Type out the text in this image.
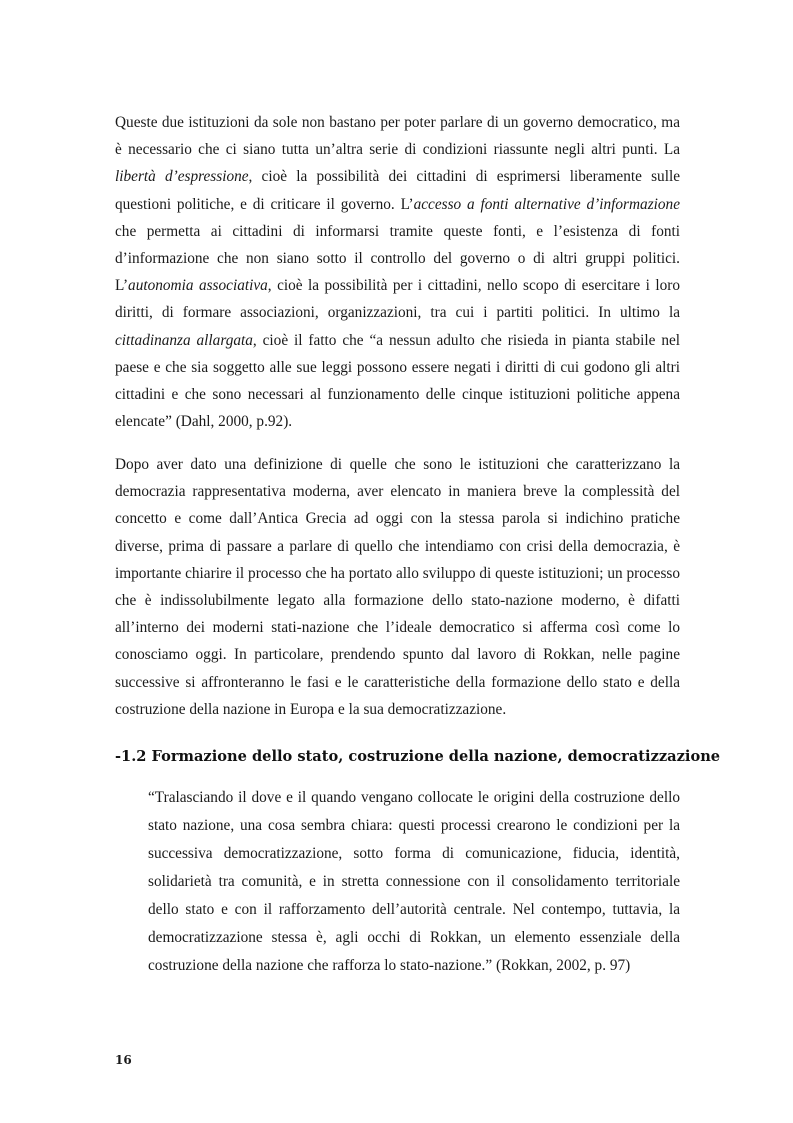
Queste due istituzioni da sole non bastano per poter parlare di un governo democratico, ma è necessario che ci siano tutta un’altra serie di condizioni riassunte negli altri punti. La libertà d’espressione, cioè la possibilità dei cittadini di esprimersi liberamente sulle questioni politiche, e di criticare il governo. L’accesso a fonti alternative d’informazione che permetta ai cittadini di informarsi tramite queste fonti, e l’esistenza di fonti d’informazione che non siano sotto il controllo del governo o di altri gruppi politici. L’autonomia associativa, cioè la possibilità per i cittadini, nello scopo di esercitare i loro diritti, di formare associazioni, organizzazioni, tra cui i partiti politici. In ultimo la cittadinanza allargata, cioè il fatto che “a nessun adulto che risieda in pianta stabile nel paese e che sia soggetto alle sue leggi possono essere negati i diritti di cui godono gli altri cittadini e che sono necessari al funzionamento delle cinque istituzioni politiche appena elencate” (Dahl, 2000, p.92).

Dopo aver dato una definizione di quelle che sono le istituzioni che caratterizzano la democrazia rappresentativa moderna, aver elencato in maniera breve la complessità del concetto e come dall’Antica Grecia ad oggi con la stessa parola si indichino pratiche diverse, prima di passare a parlare di quello che intendiamo con crisi della democrazia, è importante chiarire il processo che ha portato allo sviluppo di queste istituzioni; un processo che è indissolubilmente legato alla formazione dello stato-nazione moderno, è difatti all’interno dei moderni stati-nazione che l’ideale democratico si afferma così come lo conosciamo oggi. In particolare, prendendo spunto dal lavoro di Rokkan, nelle pagine successive si affronteranno le fasi e le caratteristiche della formazione dello stato e della costruzione della nazione in Europa e la sua democratizzazione.

-1.2 Formazione dello stato, costruzione della nazione, democratizzazione
“Tralasciando il dove e il quando vengano collocate le origini della costruzione dello stato nazione, una cosa sembra chiara: questi processi crearono le condizioni per la successiva democratizzazione, sotto forma di comunicazione, fiducia, identità, solidarietà tra comunità, e in stretta connessione con il consolidamento territoriale dello stato e con il rafforzamento dell’autorità centrale. Nel contempo, tuttavia, la democratizzazione stessa è, agli occhi di Rokkan, un elemento essenziale della costruzione della nazione che rafforza lo stato-nazione.” (Rokkan, 2002, p. 97)
16
